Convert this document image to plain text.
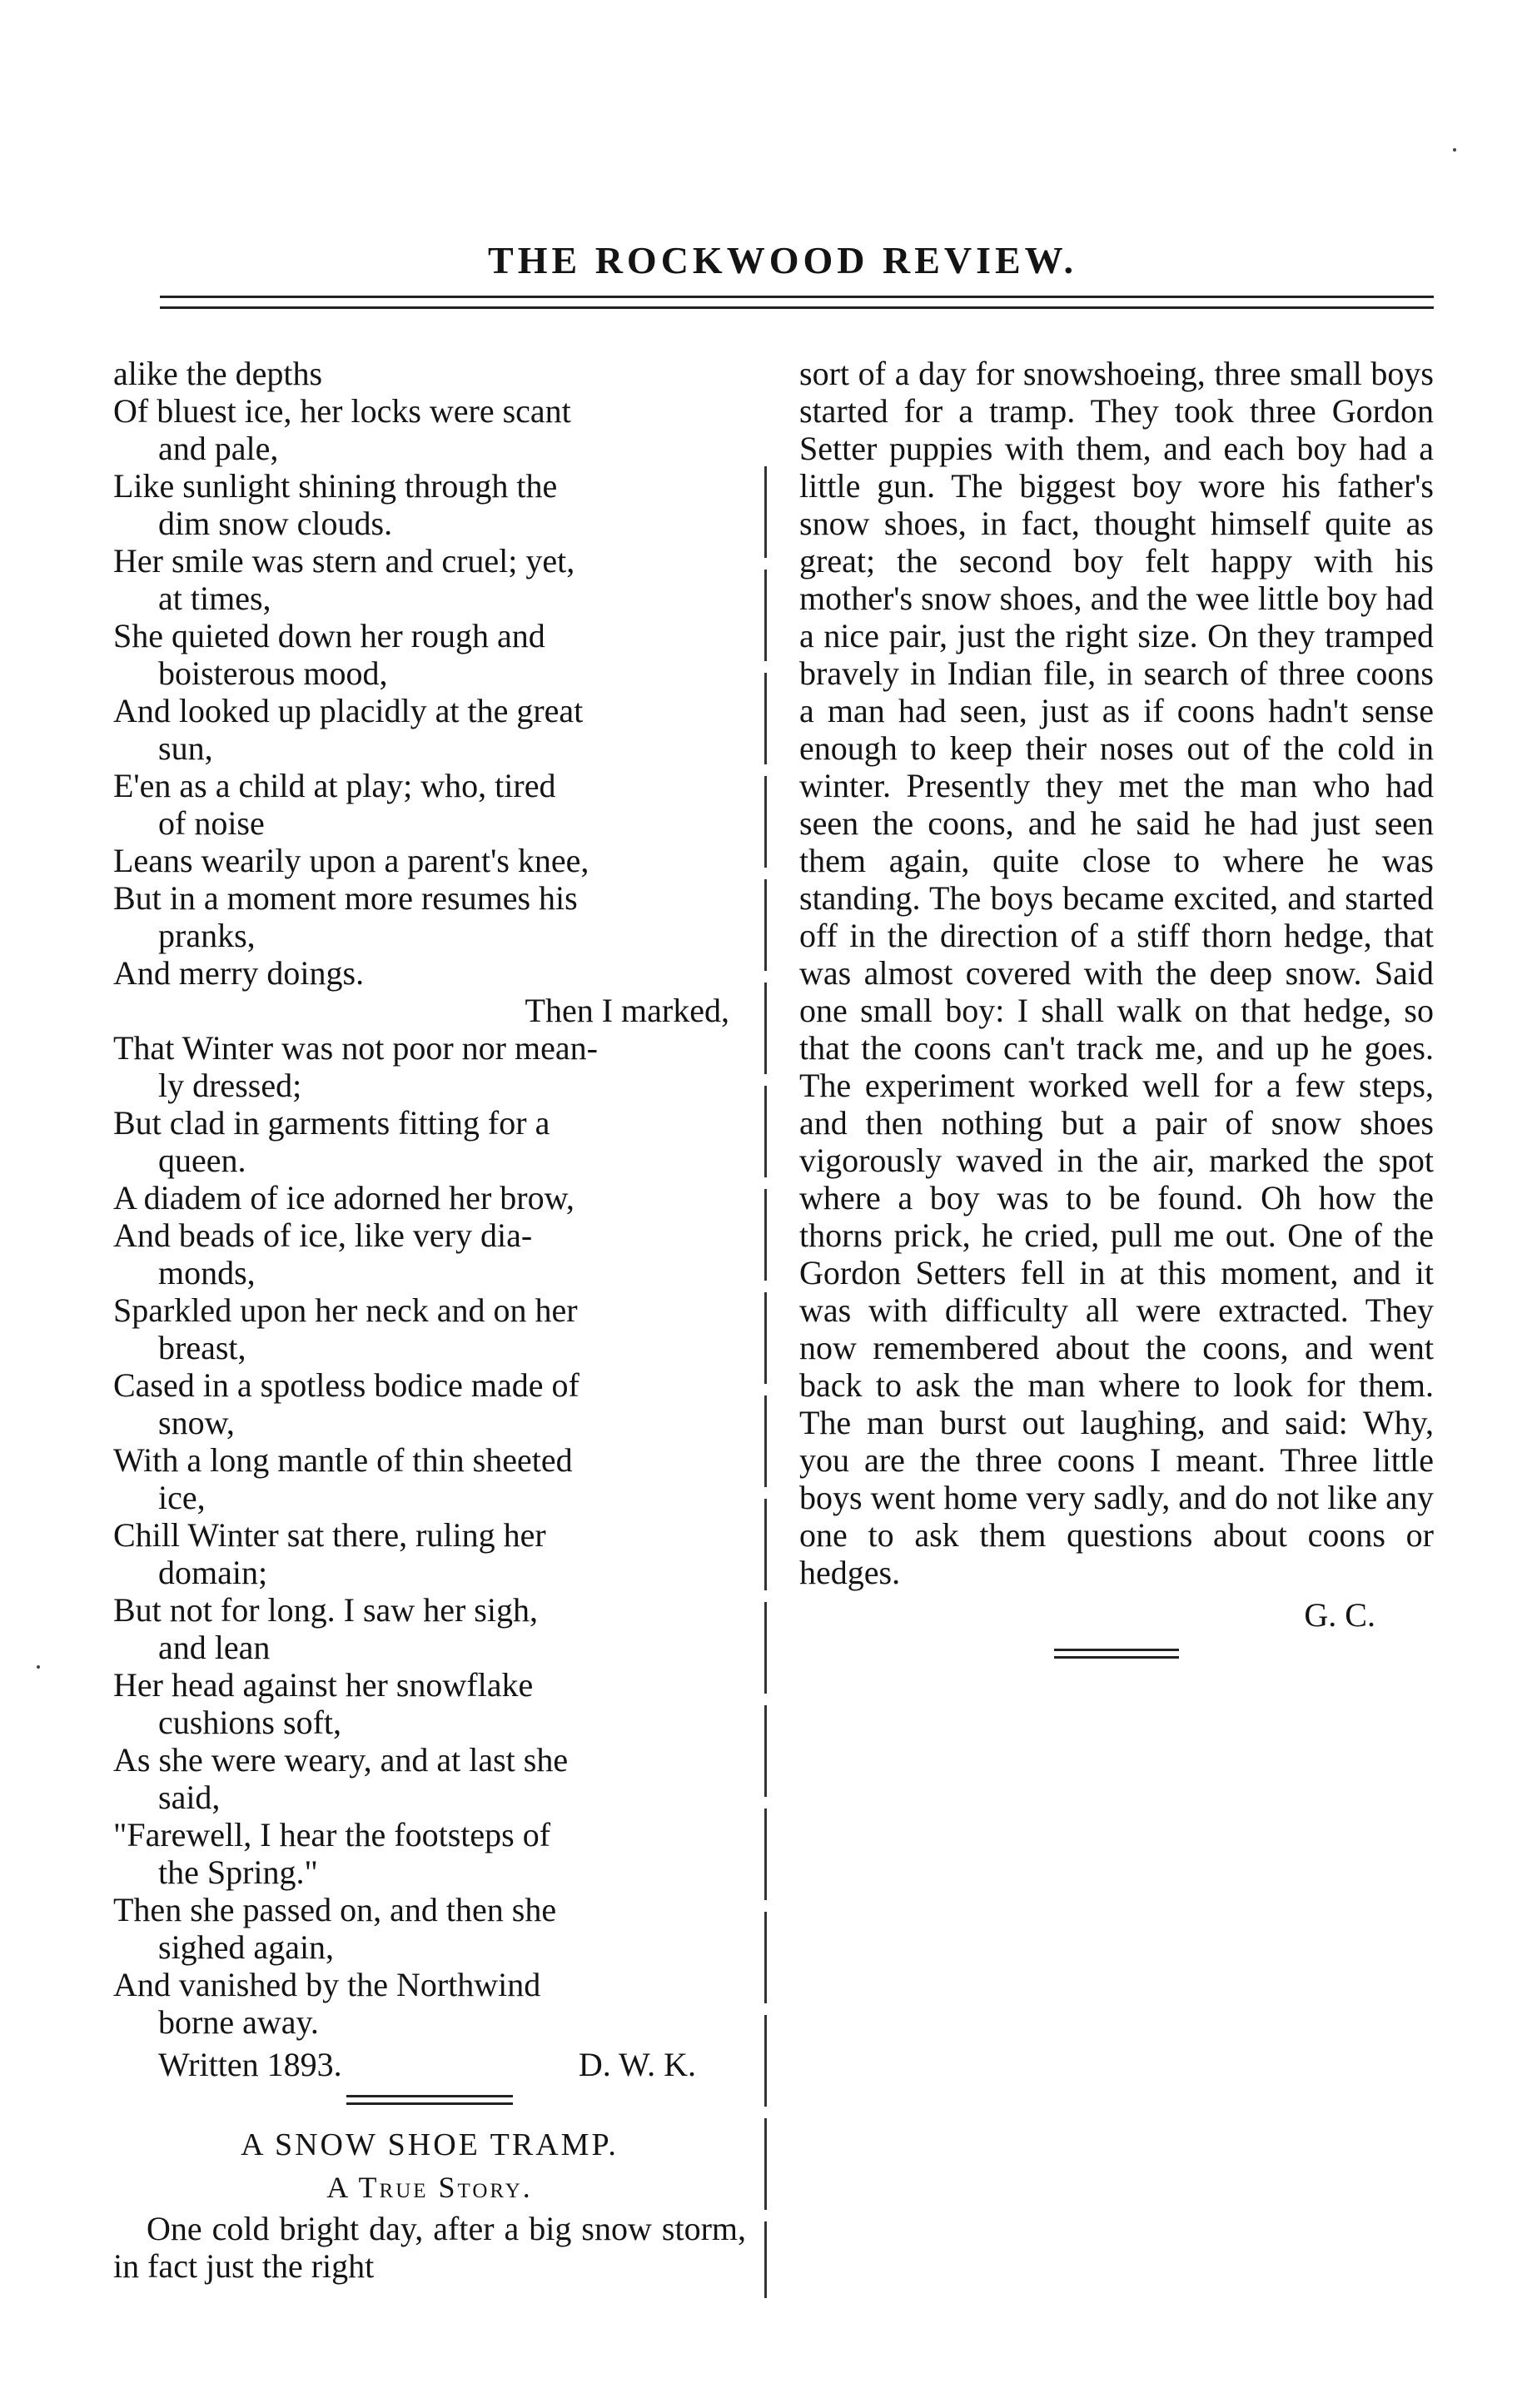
THE ROCKWOOD REVIEW.

alike the depths

Of bluest ice, her locks were scant

and pale,

Like sunlight shining through the

dim snow clouds.

Her smile was stern and cruel; yet,

at times,

She quieted down her rough and

boisterous mood,

And looked up placidly at the great

sun,

E'en as a child at play; who, tired

of noise

Leans wearily upon a parent's knee,

But in a moment more resumes his

pranks,

And merry doings.

Then I marked,

That Winter was not poor nor mean-

ly dressed;

But clad in garments fitting for a

queen.

A diadem of ice adorned her brow,

And beads of ice, like very dia-

monds,

Sparkled upon her neck and on her

breast,

Cased in a spotless bodice made of

snow,

With a long mantle of thin sheeted

ice,

Chill Winter sat there, ruling her

domain;

But not for long. I saw her sigh,

and lean

Her head against her snowflake

cushions soft,

As she were weary, and at last she

said,

"Farewell, I hear the footsteps of

the Spring."

Then she passed on, and then she

sighed again,

And vanished by the Northwind

borne away.

Written 1893.	D. W. K.

A SNOW SHOE TRAMP.

A True Story.

One cold bright day, after a big snow storm, in fact just the right

sort of a day for snowshoeing, three small boys started for a tramp. They took three Gordon Setter puppies with them, and each boy had a little gun. The biggest boy wore his father's snow shoes, in fact, thought himself quite as great; the second boy felt happy with his mother's snow shoes, and the wee little boy had a nice pair, just the right size. On they tramped bravely in Indian file, in search of three coons a man had seen, just as if coons hadn't sense enough to keep their noses out of the cold in winter. Presently they met the man who had seen the coons, and he said he had just seen them again, quite close to where he was standing. The boys became excited, and started off in the direction of a stiff thorn hedge, that was almost covered with the deep snow. Said one small boy: I shall walk on that hedge, so that the coons can't track me, and up he goes. The experiment worked well for a few steps, and then nothing but a pair of snow shoes vigorously waved in the air, marked the spot where a boy was to be found. Oh how the thorns prick, he cried, pull me out. One of the Gordon Setters fell in at this moment, and it was with difficulty all were extracted. They now remembered about the coons, and went back to ask the man where to look for them. The man burst out laughing, and said: Why, you are the three coons I meant. Three little boys went home very sadly, and do not like any one to ask them questions about coons or hedges.

G. C.
